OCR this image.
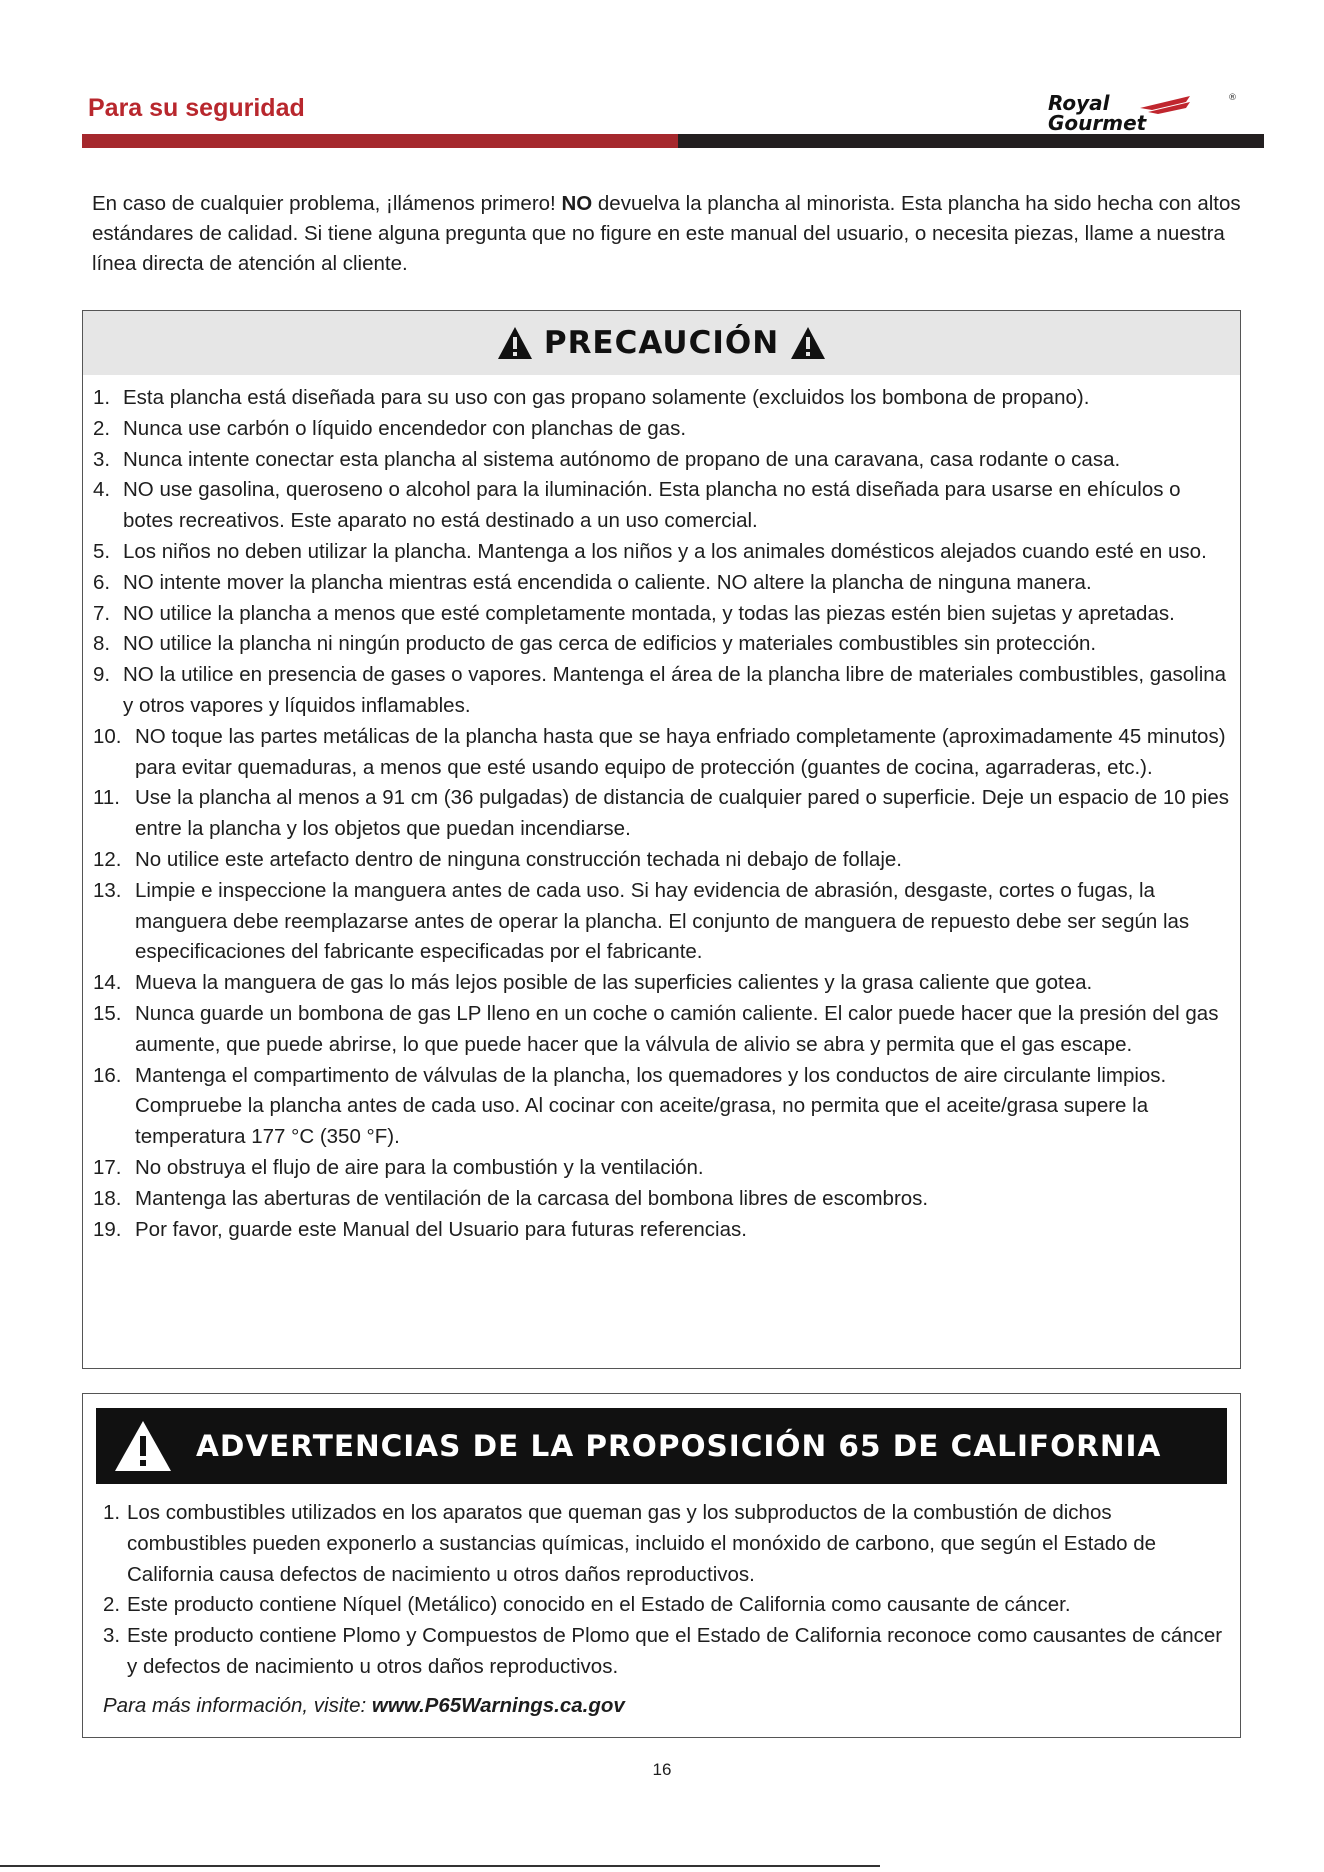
Para su seguridad	Royal
Gourmet
®

En caso de cualquier problema, ¡llámenos primero! NO devuelva la plancha al minorista. Esta plancha ha sido hecha con altos estándares de calidad. Si tiene alguna pregunta que no figure en este manual del usuario, o necesita piezas, llame a nuestra línea directa de atención al cliente.

PRECAUCIÓN
1. Esta plancha está diseñada para su uso con gas propano solamente (excluidos los bombona de propano).
2. Nunca use carbón o líquido encendedor con planchas de gas.
3. Nunca intente conectar esta plancha al sistema autónomo de propano de una caravana, casa rodante o casa.
4. NO use gasolina, queroseno o alcohol para la iluminación. Esta plancha no está diseñada para usarse en ehículos o botes recreativos. Este aparato no está destinado a un uso comercial.
5. Los niños no deben utilizar la plancha. Mantenga a los niños y a los animales domésticos alejados cuando esté en uso.
6. NO intente mover la plancha mientras está encendida o caliente. NO altere la plancha de ninguna manera.
7. NO utilice la plancha a menos que esté completamente montada, y todas las piezas estén bien sujetas y apretadas.
8. NO utilice la plancha ni ningún producto de gas cerca de edificios y materiales combustibles sin protección.
9. NO la utilice en presencia de gases o vapores. Mantenga el área de la plancha libre de materiales combustibles, gasolina y otros vapores y líquidos inflamables.
10. NO toque las partes metálicas de la plancha hasta que se haya enfriado completamente (aproximadamente 45 minutos) para evitar quemaduras, a menos que esté usando equipo de protección (guantes de cocina, agarraderas, etc.).
11. Use la plancha al menos a 91 cm (36 pulgadas) de distancia de cualquier pared o superficie. Deje un espacio de 10 pies entre la plancha y los objetos que puedan incendiarse.
12. No utilice este artefacto dentro de ninguna construcción techada ni debajo de follaje.
13. Limpie e inspeccione la manguera antes de cada uso. Si hay evidencia de abrasión, desgaste, cortes o fugas, la manguera debe reemplazarse antes de operar la plancha. El conjunto de manguera de repuesto debe ser según las especificaciones del fabricante especificadas por el fabricante.
14. Mueva la manguera de gas lo más lejos posible de las superficies calientes y la grasa caliente que gotea.
15. Nunca guarde un bombona de gas LP lleno en un coche o camión caliente. El calor puede hacer que la presión del gas aumente, que puede abrirse, lo que puede hacer que la válvula de alivio se abra y permita que el gas escape.
16. Mantenga el compartimento de válvulas de la plancha, los quemadores y los conductos de aire circulante limpios. Compruebe la plancha antes de cada uso. Al cocinar con aceite/grasa, no permita que el aceite/grasa supere la temperatura 177 °C (350 °F).
17. No obstruya el flujo de aire para la combustión y la ventilación.
18. Mantenga las aberturas de ventilación de la carcasa del bombona libres de escombros.
19. Por favor, guarde este Manual del Usuario para futuras referencias.
ADVERTENCIAS DE LA PROPOSICIÓN 65 DE CALIFORNIA
1. Los combustibles utilizados en los aparatos que queman gas y los subproductos de la combustión de dichos combustibles pueden exponerlo a sustancias químicas, incluido el monóxido de carbono, que según el Estado de California causa defectos de nacimiento u otros daños reproductivos.
2. Este producto contiene Níquel (Metálico) conocido en el Estado de California como causante de cáncer.
3. Este producto contiene Plomo y Compuestos de Plomo que el Estado de California reconoce como causantes de cáncer y defectos de nacimiento u otros daños reproductivos.

Para más información, visite: www.P65Warnings.ca.gov

16
